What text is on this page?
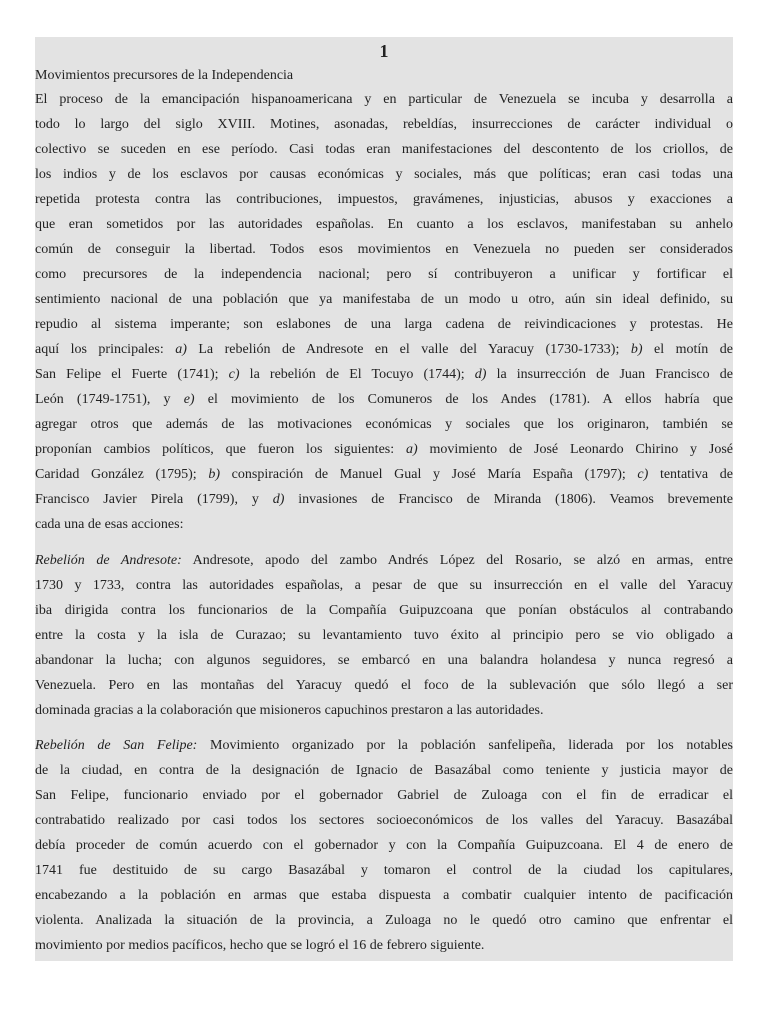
1
Movimientos precursores de la Independencia
El proceso de la emancipación hispanoamericana y en particular de Venezuela se incuba y desarrolla a
todo lo largo del siglo XVIII. Motines, asonadas, rebeldías, insurrecciones de carácter individual o
colectivo se suceden en ese período. Casi todas eran manifestaciones del descontento de los criollos, de
los indios y de los esclavos por causas económicas y sociales, más que políticas; eran casi todas una
repetida protesta contra las contribuciones, impuestos, gravámenes, injusticias, abusos y exacciones a
que eran sometidos por las autoridades españolas. En cuanto a los esclavos, manifestaban su anhelo
común de conseguir la libertad. Todos esos movimientos en Venezuela no pueden ser considerados
como precursores de la independencia nacional; pero sí contribuyeron a unificar y fortificar el
sentimiento nacional de una población que ya manifestaba de un modo u otro, aún sin ideal definido, su
repudio al sistema imperante; son eslabones de una larga cadena de reivindicaciones y protestas. He
aquí los principales: a) La rebelión de Andresote en el valle del Yaracuy (1730-1733); b) el motín de
San Felipe el Fuerte (1741); c) la rebelión de El Tocuyo (1744); d) la insurrección de Juan Francisco de
León (1749-1751), y e) el movimiento de los Comuneros de los Andes (1781). A ellos habría que
agregar otros que además de las motivaciones económicas y sociales que los originaron, también se
proponían cambios políticos, que fueron los siguientes: a) movimiento de José Leonardo Chirino y José
Caridad González (1795); b) conspiración de Manuel Gual y José María España (1797); c) tentativa de
Francisco Javier Pirela (1799), y d) invasiones de Francisco de Miranda (1806). Veamos brevemente
cada una de esas acciones:
Rebelión de Andresote: Andresote, apodo del zambo Andrés López del Rosario, se alzó en armas, entre
1730 y 1733, contra las autoridades españolas, a pesar de que su insurrección en el valle del Yaracuy
iba dirigida contra los funcionarios de la Compañía Guipuzcoana que ponían obstáculos al contrabando
entre la costa y la isla de Curazao; su levantamiento tuvo éxito al principio pero se vio obligado a
abandonar la lucha; con algunos seguidores, se embarcó en una balandra holandesa y nunca regresó a
Venezuela. Pero en las montañas del Yaracuy quedó el foco de la sublevación que sólo llegó a ser
dominada gracias a la colaboración que misioneros capuchinos prestaron a las autoridades.
Rebelión de San Felipe: Movimiento organizado por la población sanfelipeña, liderada por los notables
de la ciudad, en contra de la designación de Ignacio de Basazábal como teniente y justicia mayor de
San Felipe, funcionario enviado por el gobernador Gabriel de Zuloaga con el fin de erradicar el
contrabatido realizado por casi todos los sectores socioeconómicos de los valles del Yaracuy. Basazábal
debía proceder de común acuerdo con el gobernador y con la Compañía Guipuzcoana. El 4 de enero de
1741 fue destituido de su cargo Basazábal y tomaron el control de la ciudad los capitulares,
encabezando a la población en armas que estaba dispuesta a combatir cualquier intento de pacificación
violenta. Analizada la situación de la provincia, a Zuloaga no le quedó otro camino que enfrentar el
movimiento por medios pacíficos, hecho que se logró el 16 de febrero siguiente.
